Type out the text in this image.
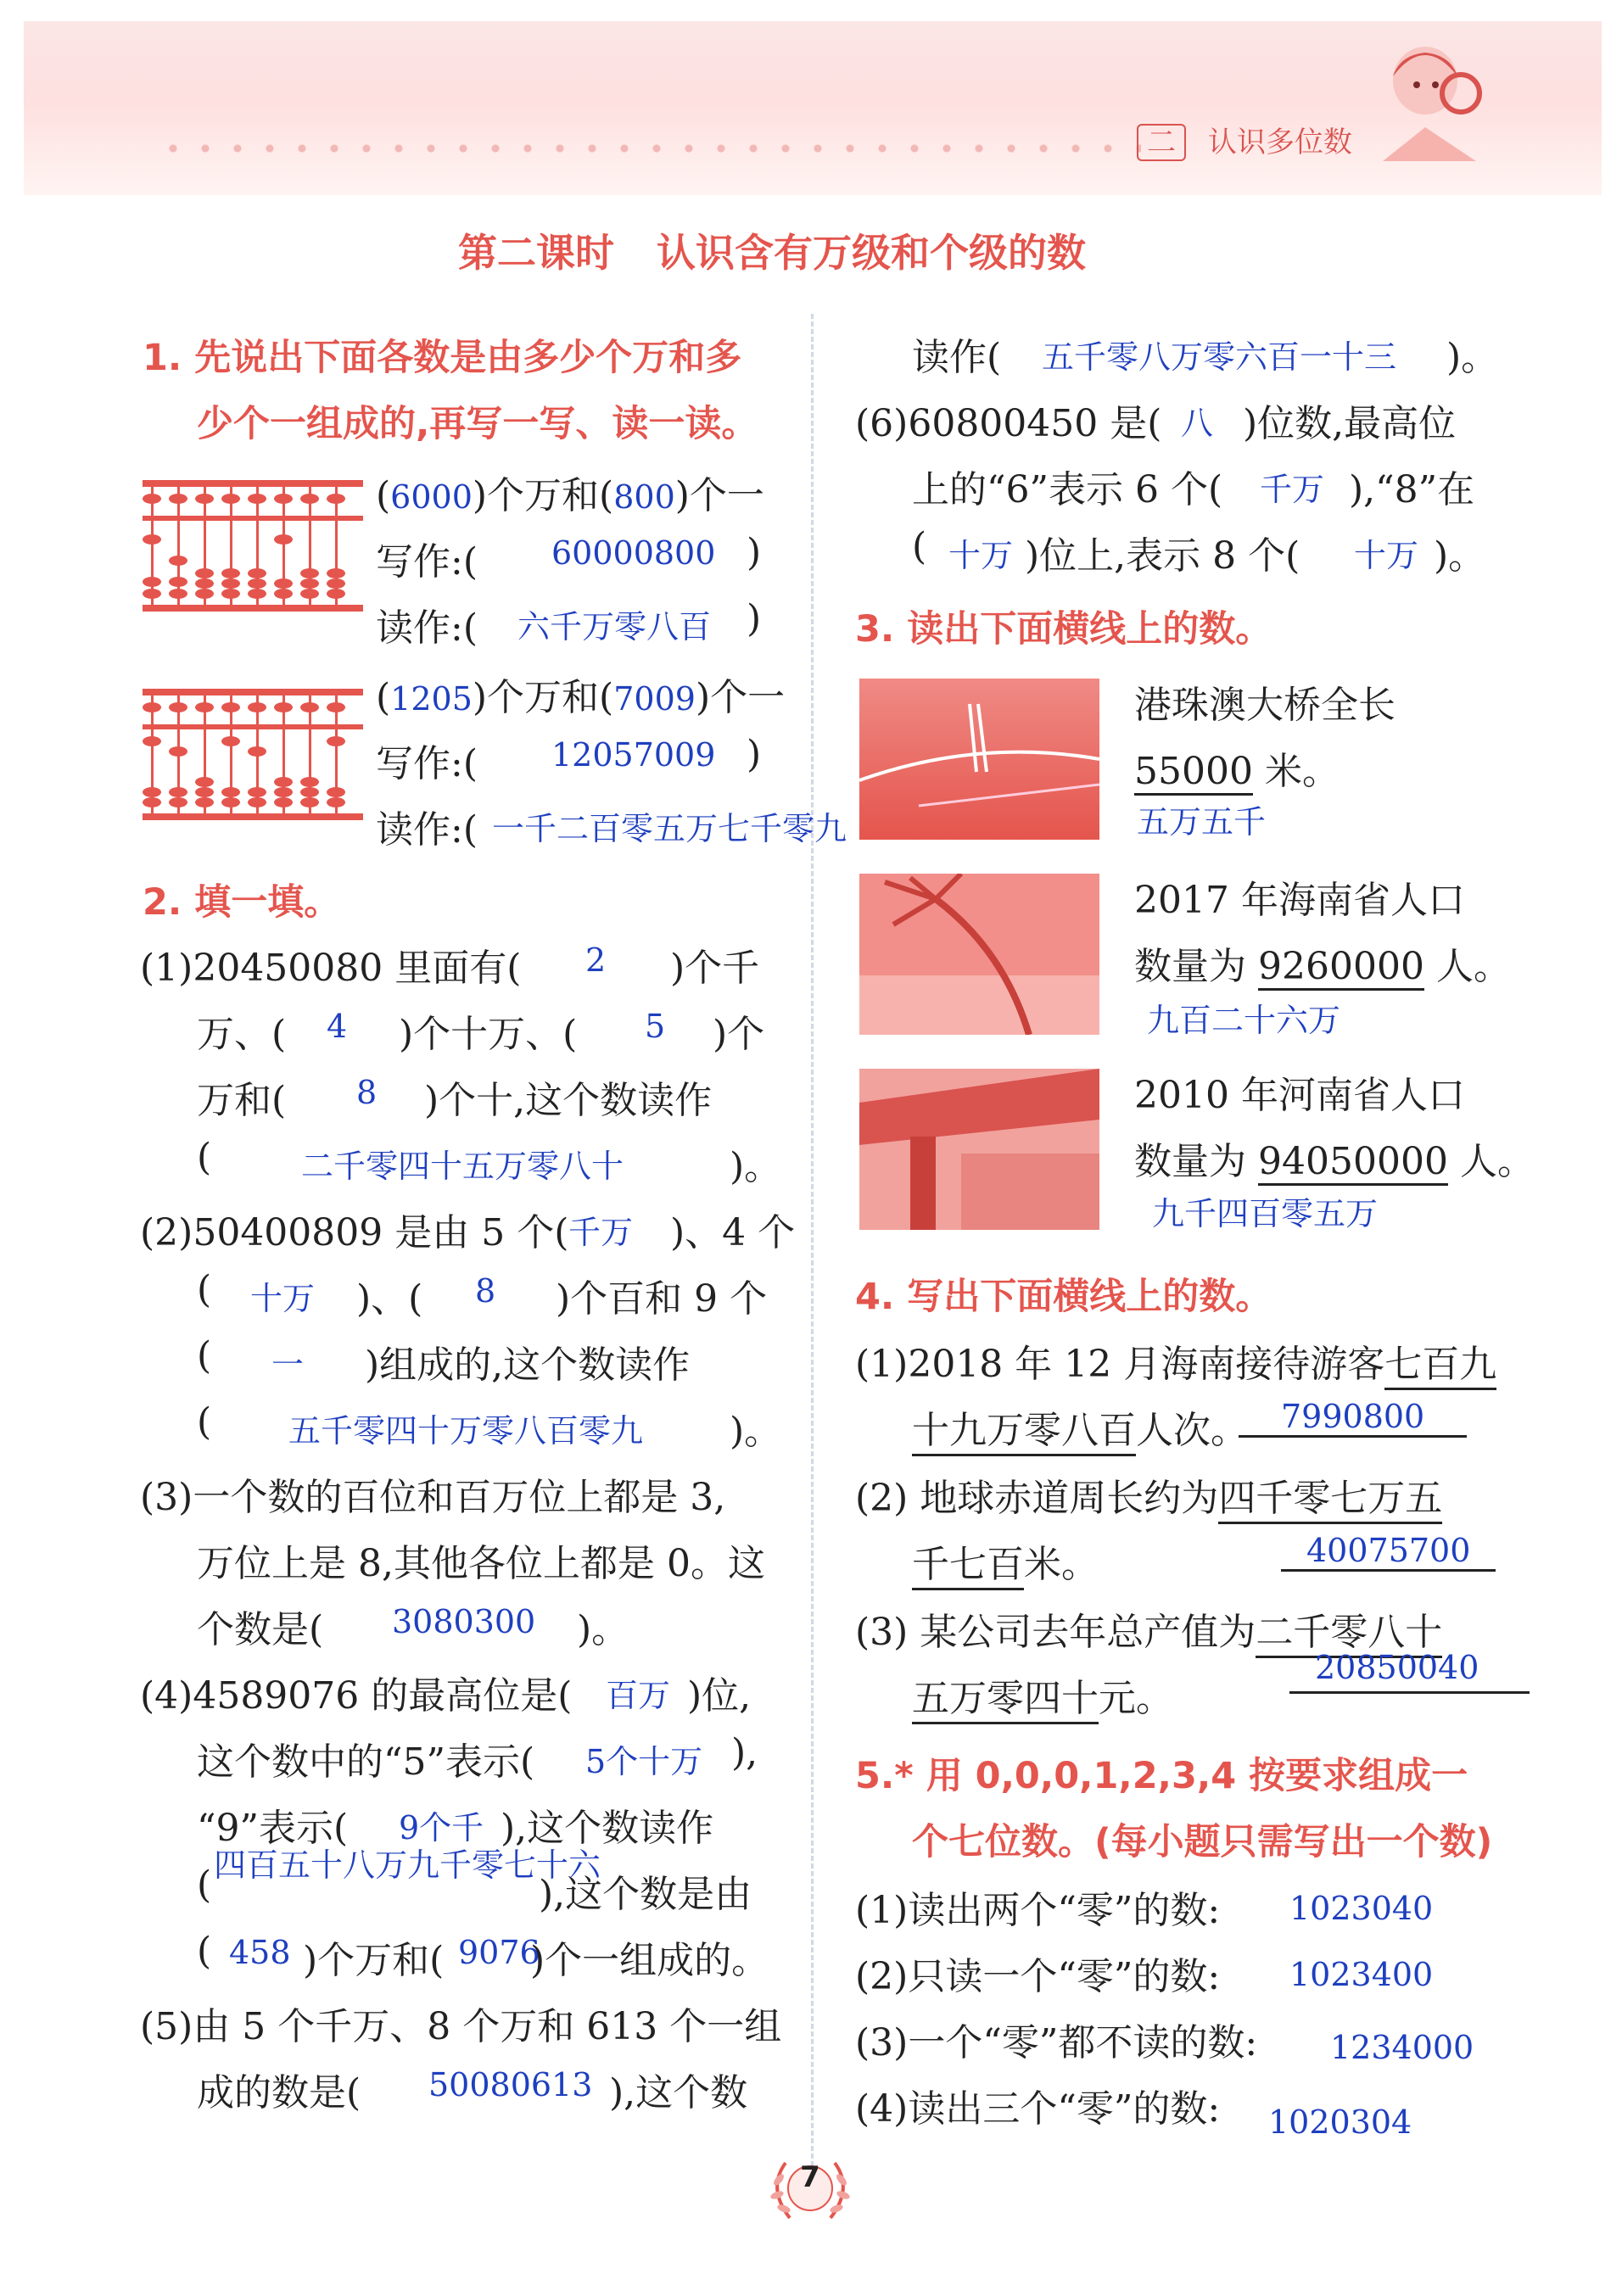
二 认识多位数
第二课时 认识含有万级和个级的数
1. 先说出下面各数是由多少个万和多
少个一组成的,再写一写、读一读。
(6000)个万和(800)个一
写作:( 60000800 )
读作:( 六千万零八百 )
(1205)个万和(7009)个一
写作:( 12057009 )
读作:( 一千二百零五万七千零九
2. 填一填。
(1)20450080 里面有( 2 )个千
万、( 4 )个十万、( 5 )个
万和( 8 )个十,这个数读作
(	二千零四十五万零八十	)。
(2)50400809 是由 5 个( 千万 )、4 个
( 十万 )、( 8 )个百和 9 个
( 一 )组成的,这个数读作
( 五千零四十万零八百零九 )。
(3)一个数的百位和百万位上都是 3,
万位上是 8,其他各位上都是 0。这
个数是( 3080300 )。
(4)4589076 的最高位是( 百万 )位,
这个数中的“5”表示( 5个十万 ),
“9”表示( 9个千 ),这个数读作
四百五十八万九千零七十六
(	),这个数是由
( 458 )个万和( 9076
)个一组成的。
(5)由 5 个千万、8 个万和 613 个一组
成的数是( 50080613 ),这个数
读作( 五千零八万零六百一十三 )。
(6)60800450 是( 八 )位数,最高位
上的“6”表示 6 个( 千万 ),“8”在
( 十万 )位上,表示 8 个( 十万 )。
3. 读出下面横线上的数。
港珠澳大桥全长
55000 米。
五万五千
2017 年海南省人口
数量为 9260000 人。
九百二十六万
2010 年河南省人口
数量为 94050000 人。
九千四百零五万
4. 写出下面横线上的数。
(1)2018 年 12 月海南接待游客七百九
十九万零八百人次。	7990800
(2) 地球赤道周长约为四千零七万五
千七百米。	40075700
(3) 某公司去年总产值为二千零八十
五万零四十元。
20850040
5.* 用 0,0,0,1,2,3,4 按要求组成一
个七位数。(每小题只需写出一个数)
(1)读出两个“零”的数: 1023040
(2)只读一个“零”的数: 1023400
(3)一个“零”都不读的数: 1234000
(4)读出三个“零”的数: 1020304
7
